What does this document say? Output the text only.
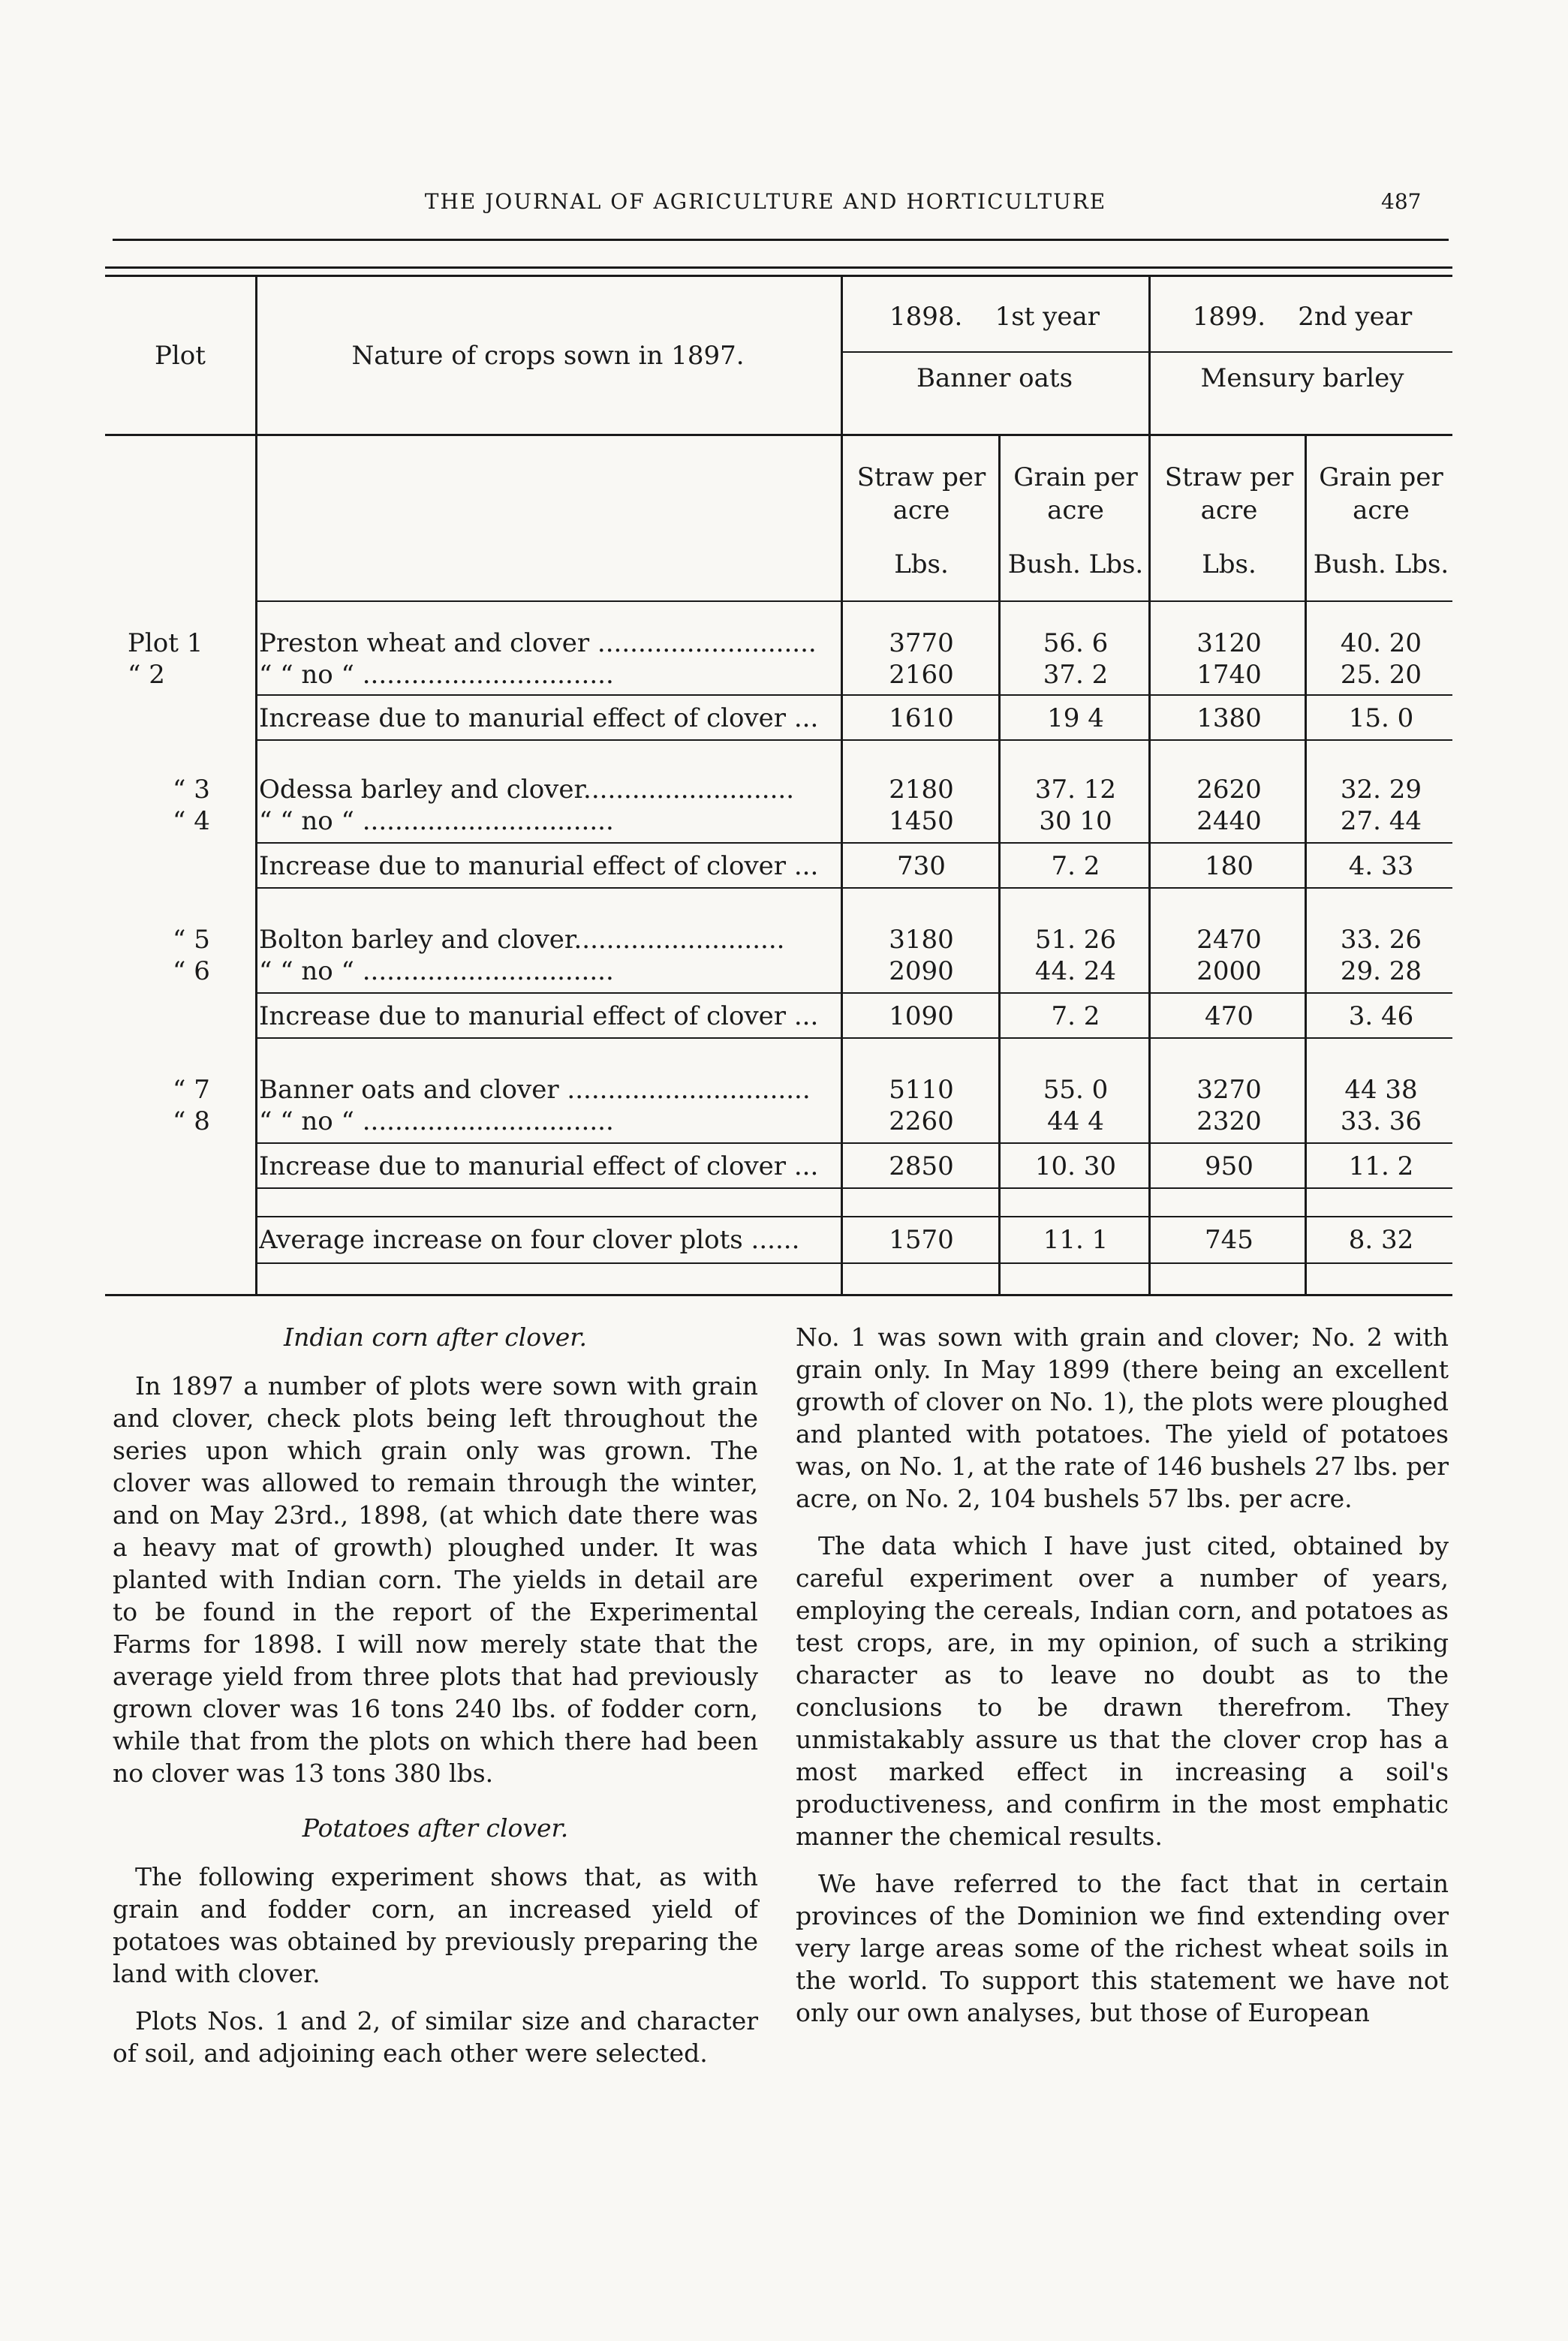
THE JOURNAL OF AGRICULTURE AND HORTICULTURE	487
Plot	Nature of crops sown in 1897.
1898. 1st year	1899. 2nd year
Banner oats	Mensury barley
Straw per acre
Grain per acre
Straw per acre
Grain per acre
Lbs.	Bush. Lbs.	Lbs.	Bush. Lbs.
Plot 1	Preston wheat and clover ...........................	3770	56. 6	3120	40. 20
“ 2	“ “ no “ ...............................	2160	37. 2	1740	25. 20
Increase due to manurial effect of clover ...	1610	19 4	1380	15. 0
“ 3	Odessa barley and clover..........................	2180	37. 12	2620	32. 29
“ 4	“ “ no “ ...............................	1450	30 10	2440	27. 44
Increase due to manurial effect of clover ...	730	7. 2	180	4. 33
“ 5	Bolton barley and clover..........................	3180	51. 26	2470	33. 26
“ 6	“ “ no “ ...............................	2090	44. 24	2000	29. 28
Increase due to manurial effect of clover ...	1090	7. 2	470	3. 46
“ 7	Banner oats and clover ..............................	5110	55. 0	3270	44 38
“ 8	“ “ no “ ...............................	2260	44 4	2320	33. 36
Increase due to manurial effect of clover ...	2850	10. 30	950	11. 2
Average increase on four clover plots ......	1570	11. 1	745	8. 32

Indian corn after clover.

In 1897 a number of plots were sown with grain and clover, check plots being left throughout the series upon which grain only was grown. The clover was allowed to remain through the winter, and on May 23rd., 1898, (at which date there was a heavy mat of growth) ploughed under. It was planted with Indian corn. The yields in detail are to be found in the report of the Experimental Farms for 1898. I will now merely state that the average yield from three plots that had previously grown clover was 16 tons 240 lbs. of fodder corn, while that from the plots on which there had been no clover was 13 tons 380 lbs.

Potatoes after clover.

The following experiment shows that, as with grain and fodder corn, an increased yield of potatoes was obtained by previously preparing the land with clover.

Plots Nos. 1 and 2, of similar size and character of soil, and adjoining each other were selected.

No. 1 was sown with grain and clover; No. 2 with grain only. In May 1899 (there being an excellent growth of clover on No. 1), the plots were ploughed and planted with potatoes. The yield of potatoes was, on No. 1, at the rate of 146 bushels 27 lbs. per acre, on No. 2, 104 bushels 57 lbs. per acre.

The data which I have just cited, obtained by careful experiment over a number of years, employing the cereals, Indian corn, and potatoes as test crops, are, in my opinion, of such a striking character as to leave no doubt as to the conclusions to be drawn therefrom. They unmistakably assure us that the clover crop has a most marked effect in increasing a soil's productiveness, and confirm in the most emphatic manner the chemical results.

We have referred to the fact that in certain provinces of the Dominion we find extending over very large areas some of the richest wheat soils in the world. To support this statement we have not only our own analyses, but those of European
